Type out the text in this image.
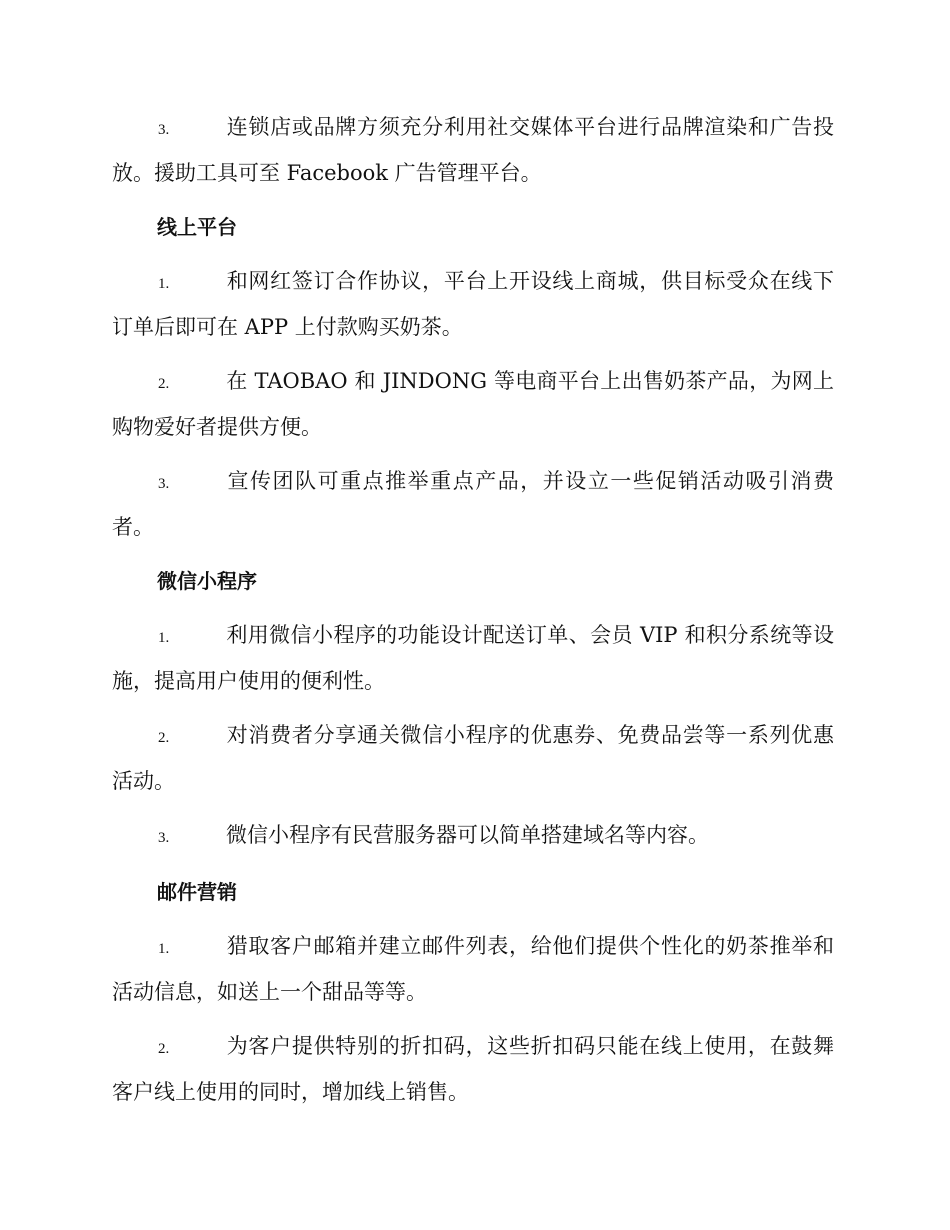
3.	连锁店或品牌方须充分利用社交媒体平台进行品牌渲染和广告投放。援助工具可至 Facebook 广告管理平台。

线上平台

1.	和网红签订合作协议，平台上开设线上商城，供目标受众在线下订单后即可在 APP 上付款购买奶茶。

2.	在 TAOBAO 和 JINDONG 等电商平台上出售奶茶产品，为网上购物爱好者提供方便。

3.	宣传团队可重点推举重点产品，并设立一些促销活动吸引消费者。

微信小程序

1.	利用微信小程序的功能设计配送订单、会员 VIP 和积分系统等设施，提高用户使用的便利性。

2.	对消费者分享通关微信小程序的优惠券、免费品尝等一系列优惠活动。

3.	微信小程序有民营服务器可以简单搭建域名等内容。

邮件营销

1.	猎取客户邮箱并建立邮件列表，给他们提供个性化的奶茶推举和活动信息，如送上一个甜品等等。

2.	为客户提供特别的折扣码，这些折扣码只能在线上使用，在鼓舞客户线上使用的同时，增加线上销售。
